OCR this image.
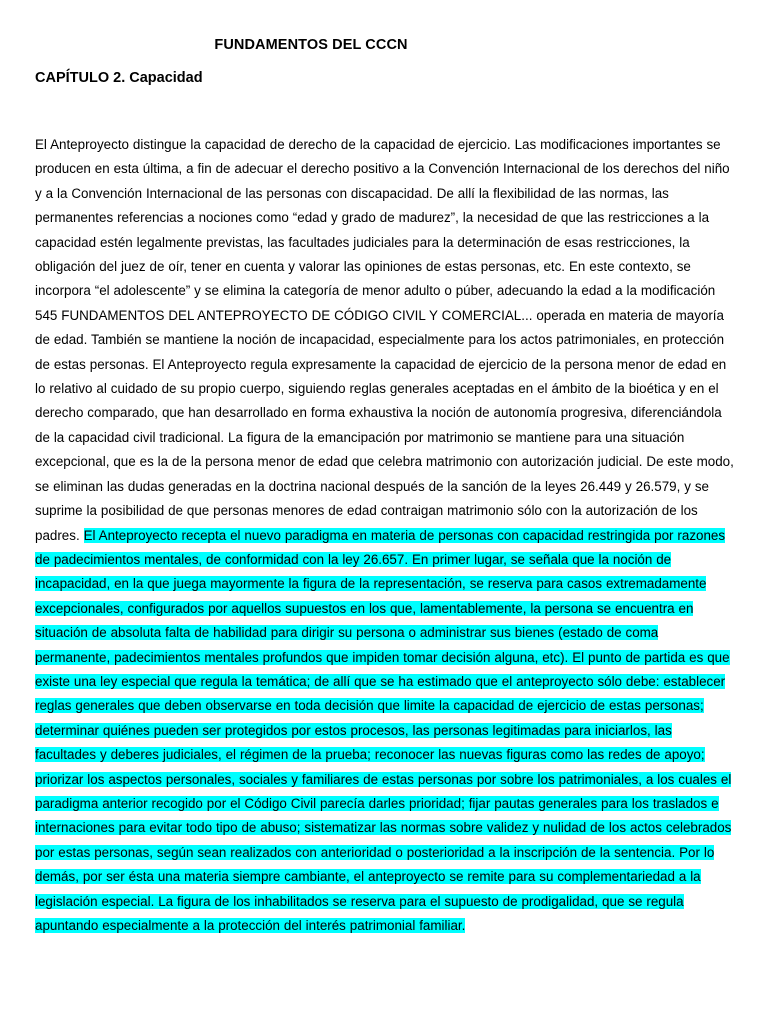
FUNDAMENTOS DEL CCCN
CAPÍTULO 2. Capacidad

El Anteproyecto distingue la capacidad de derecho de la capacidad de ejercicio. Las modificaciones importantes se producen en esta última, a fin de adecuar el derecho positivo a la Convención Internacional de los derechos del niño y a la Convención Internacional de las personas con discapacidad. De allí la flexibilidad de las normas, las permanentes referencias a nociones como “edad y grado de madurez”, la necesidad de que las restricciones a la capacidad estén legalmente previstas, las facultades judiciales para la determinación de esas restricciones, la obligación del juez de oír, tener en cuenta y valorar las opiniones de estas personas, etc. En este contexto, se incorpora “el adolescente” y se elimina la categoría de menor adulto o púber, adecuando la edad a la modificación 545 FUNDAMENTOS DEL ANTEPROYECTO DE CÓDIGO CIVIL Y COMERCIAL... operada en materia de mayoría de edad. También se mantiene la noción de incapacidad, especialmente para los actos patrimoniales, en protección de estas personas. El Anteproyecto regula expresamente la capacidad de ejercicio de la persona menor de edad en lo relativo al cuidado de su propio cuerpo, siguiendo reglas generales aceptadas en el ámbito de la bioética y en el derecho comparado, que han desarrollado en forma exhaustiva la noción de autonomía progresiva, diferenciándola de la capacidad civil tradicional. La figura de la emancipación por matrimonio se mantiene para una situación excepcional, que es la de la persona menor de edad que celebra matrimonio con autorización judicial. De este modo, se eliminan las dudas generadas en la doctrina nacional después de la sanción de la leyes 26.449 y 26.579, y se suprime la posibilidad de que personas menores de edad contraigan matrimonio sólo con la autorización de los padres. El Anteproyecto recepta el nuevo paradigma en materia de personas con capacidad restringida por razones de padecimientos mentales, de conformidad con la ley 26.657. En primer lugar, se señala que la noción de incapacidad, en la que juega mayormente la figura de la representación, se reserva para casos extremadamente excepcionales, configurados por aquellos supuestos en los que, lamentablemente, la persona se encuentra en situación de absoluta falta de habilidad para dirigir su persona o administrar sus bienes (estado de coma permanente, padecimientos mentales profundos que impiden tomar decisión alguna, etc). El punto de partida es que existe una ley especial que regula la temática; de allí que se ha estimado que el anteproyecto sólo debe: establecer reglas generales que deben observarse en toda decisión que limite la capacidad de ejercicio de estas personas; determinar quiénes pueden ser protegidos por estos procesos, las personas legitimadas para iniciarlos, las facultades y deberes judiciales, el régimen de la prueba; reconocer las nuevas figuras como las redes de apoyo; priorizar los aspectos personales, sociales y familiares de estas personas por sobre los patrimoniales, a los cuales el paradigma anterior recogido por el Código Civil parecía darles prioridad; fijar pautas generales para los traslados e internaciones para evitar todo tipo de abuso; sistematizar las normas sobre validez y nulidad de los actos celebrados por estas personas, según sean realizados con anterioridad o posterioridad a la inscripción de la sentencia. Por lo demás, por ser ésta una materia siempre cambiante, el anteproyecto se remite para su complementariedad a la legislación especial. La figura de los inhabilitados se reserva para el supuesto de prodigalidad, que se regula apuntando especialmente a la protección del interés patrimonial familiar.
